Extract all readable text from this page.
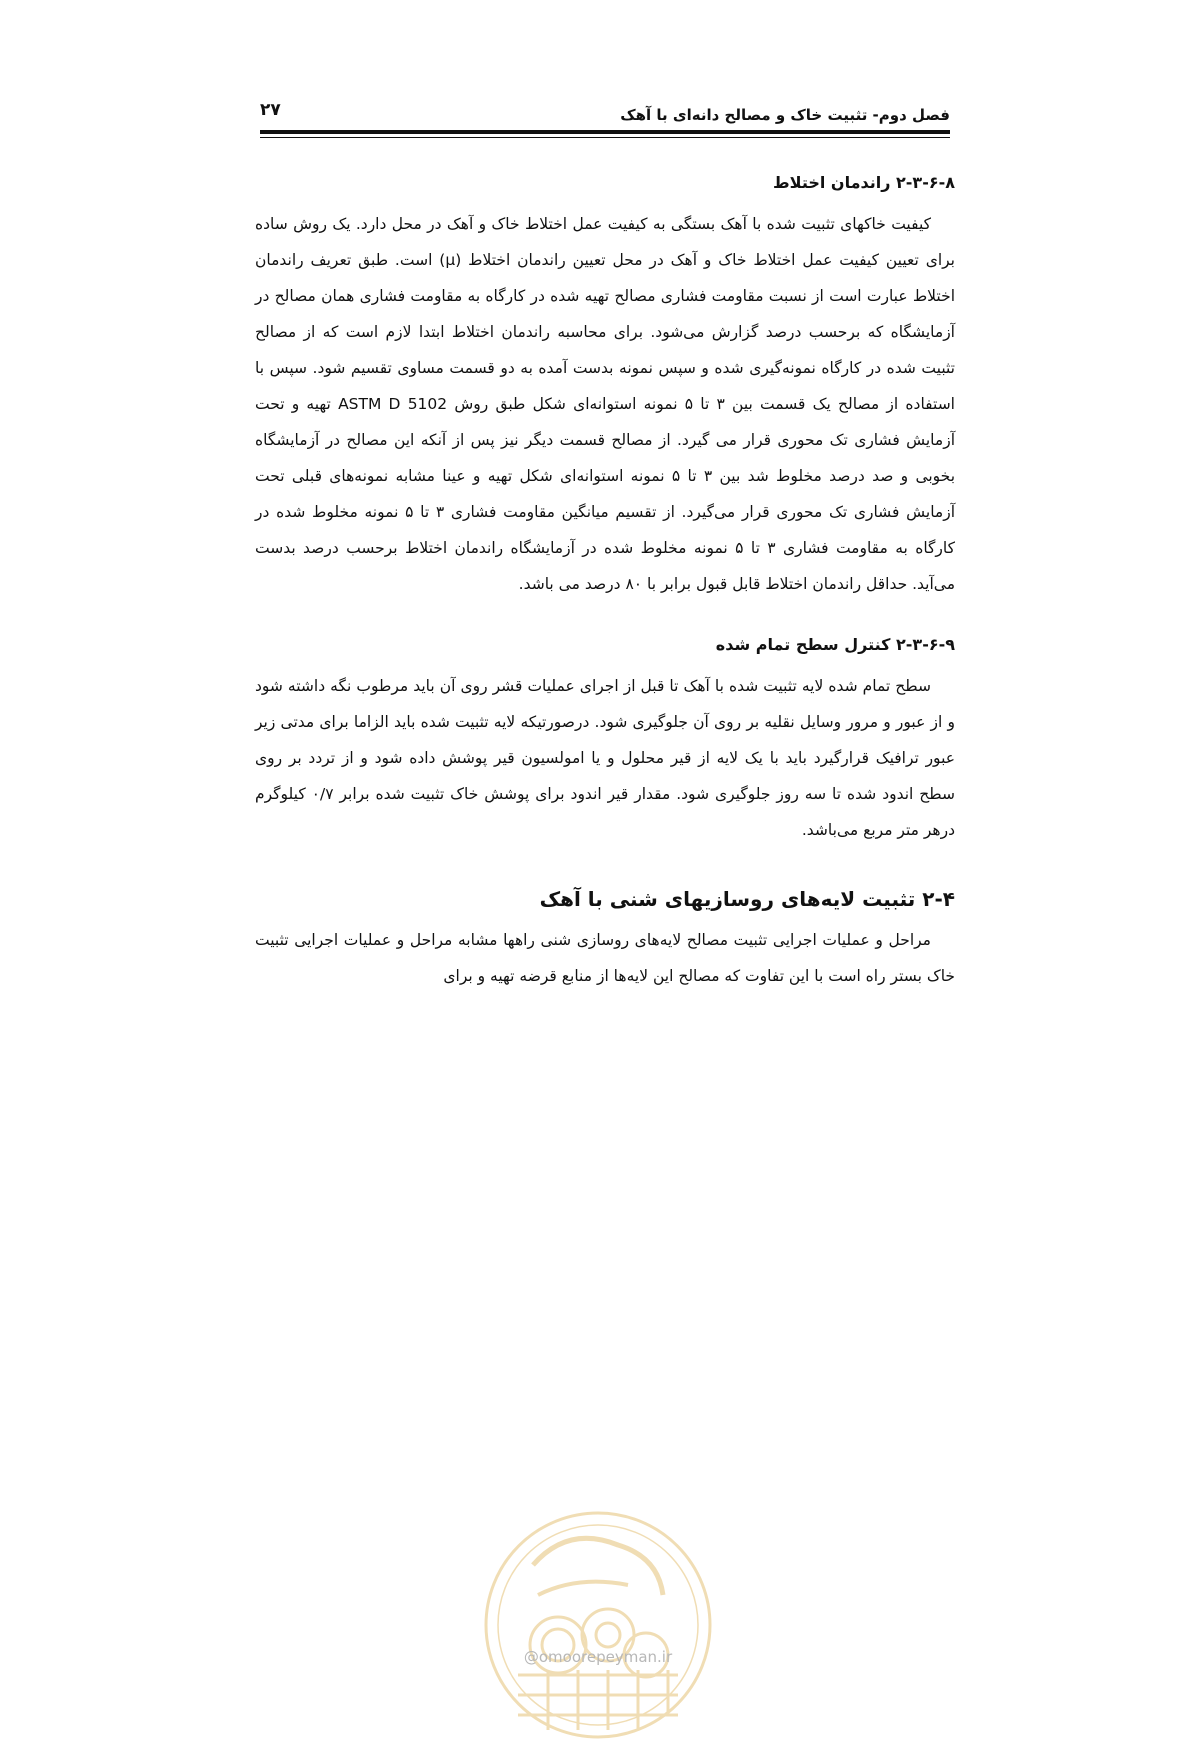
فصل دوم- تثبیت خاک و مصالح دانه‌ای با آهک
۲۷
۲-۳-۶-۸ راندمان اختلاط

کیفیت خاکهای تثبیت شده با آهک بستگی به کیفیت عمل اختلاط خاک و آهک در محل دارد. یک روش ساده برای تعیین کیفیت عمل اختلاط خاک و آهک در محل تعیین راندمان اختلاط (μ) است. طبق تعریف راندمان اختلاط عبارت است از نسبت مقاومت فشاری مصالح تهیه شده در کارگاه به مقاومت فشاری همان مصالح در آزمایشگاه که برحسب درصد گزارش می‌شود. برای محاسبه راندمان اختلاط ابتدا لازم است که از مصالح تثبیت شده در کارگاه نمونه‌گیری شده و سپس نمونه بدست آمده به دو قسمت مساوی تقسیم شود. سپس با استفاده از مصالح یک قسمت بین ۳ تا ۵ نمونه استوانه‌ای شکل طبق روش ASTM D 5102 تهیه و تحت آزمایش فشاری تک محوری قرار می گیرد. از مصالح قسمت دیگر نیز پس از آنکه این مصالح در آزمایشگاه بخوبی و صد درصد مخلوط شد بین ۳ تا ۵ نمونه استوانه‌ای شکل تهیه و عینا مشابه نمونه‌های قبلی تحت آزمایش فشاری تک محوری قرار می‌گیرد. از تقسیم میانگین مقاومت فشاری ۳ تا ۵ نمونه مخلوط شده در کارگاه به مقاومت فشاری ۳ تا ۵ نمونه مخلوط شده در آزمایشگاه راندمان اختلاط برحسب درصد بدست می‌آید. حداقل راندمان اختلاط قابل قبول برابر با ۸۰ درصد می باشد.

۲-۳-۶-۹ کنترل سطح تمام شده

سطح تمام شده لایه تثبیت شده با آهک تا قبل از اجرای عملیات قشر روی آن باید مرطوب نگه داشته شود و از عبور و مرور وسایل نقلیه بر روی آن جلوگیری شود. درصورتیکه لایه تثبیت شده باید الزاما برای مدتی زیر عبور ترافیک قرارگیرد باید با یک لایه از قیر محلول و یا امولسیون قیر پوشش داده شود و از تردد بر روی سطح اندود شده تا سه روز جلوگیری شود. مقدار قیر اندود برای پوشش خاک تثبیت شده برابر ۰/۷ کیلوگرم درهر متر مربع می‌باشد.

۲-۴ تثبیت لایه‌های روسازیهای شنی با آهک

مراحل و عملیات اجرایی تثبیت مصالح لایه‌های روسازی شنی راهها مشابه مراحل و عملیات اجرایی تثبیت خاک بستر راه است با این تفاوت که مصالح این لایه‌ها از منابع قرضه تهیه و برای

@omoorepeyman.ir
